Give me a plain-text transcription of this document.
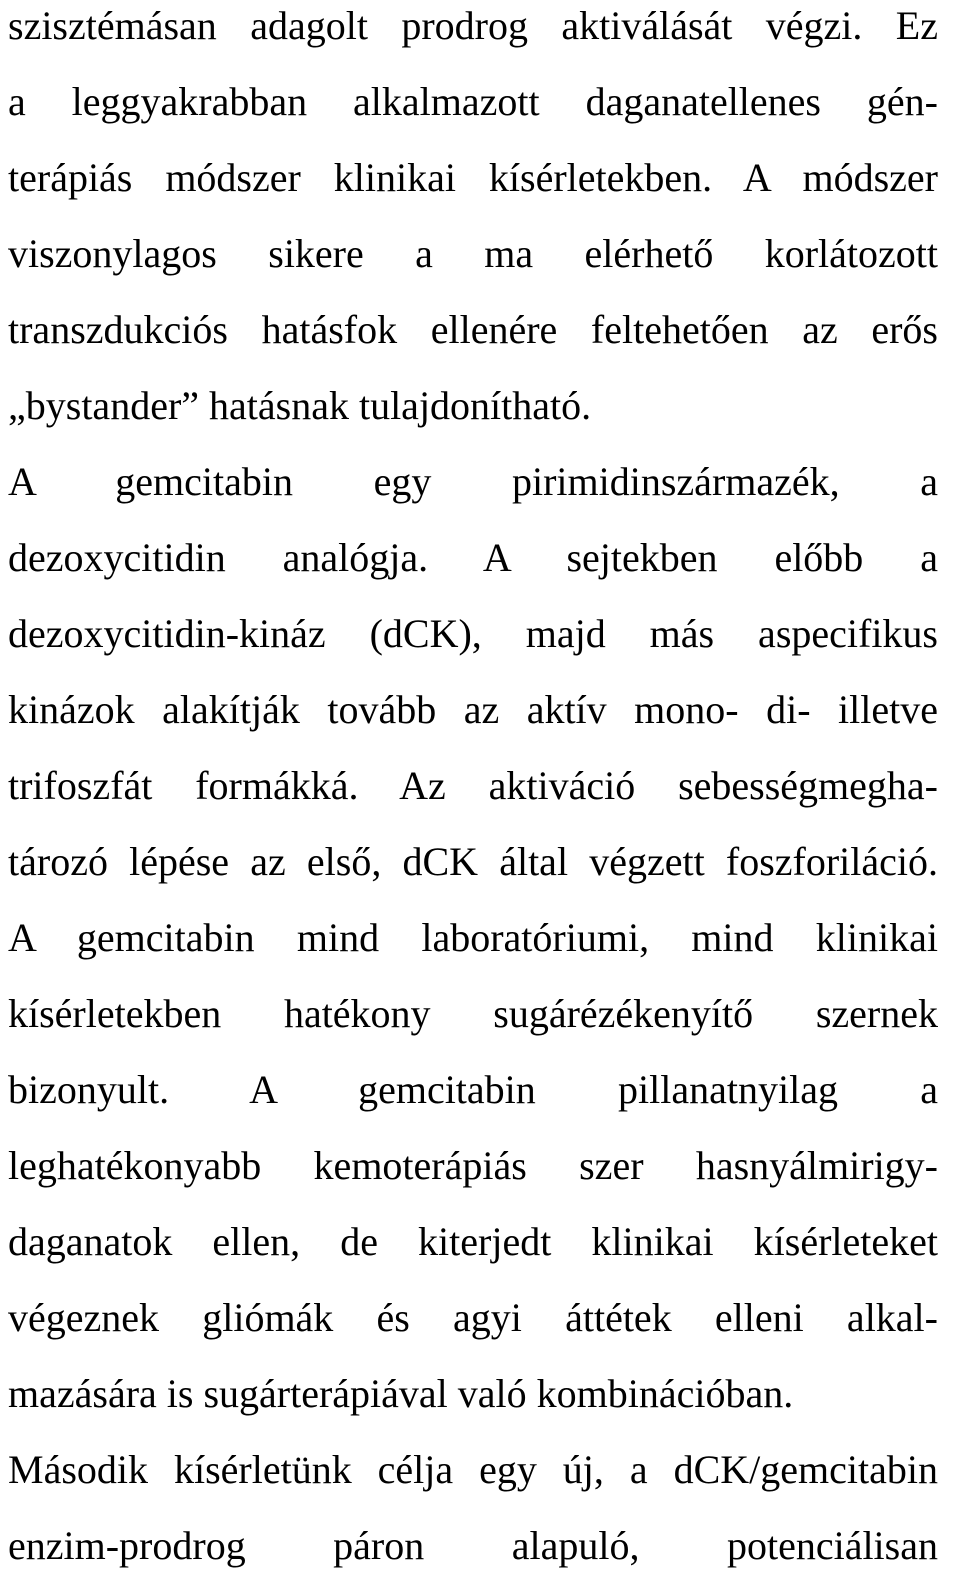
szisztémásan adagolt prodrog aktiválását végzi. Ez
a leggyakrabban alkalmazott daganatellenes gén-
terápiás módszer klinikai kísérletekben. A módszer
viszonylagos sikere a ma elérhető korlátozott
transzdukciós hatásfok ellenére feltehetően az erős
„bystander” hatásnak tulajdonítható.
A gemcitabin egy pirimidinszármazék, a
dezoxycitidin analógja. A sejtekben előbb a
dezoxycitidin-kináz (dCK), majd más aspecifikus
kinázok alakítják tovább az aktív mono- di- illetve
trifoszfát formákká. Az aktiváció sebességmegha-
tározó lépése az első, dCK által végzett foszforiláció.
A gemcitabin mind laboratóriumi, mind klinikai
kísérletekben hatékony sugárézékenyítő szernek
bizonyult. A gemcitabin pillanatnyilag a
leghatékonyabb kemoterápiás szer hasnyálmirigy-
daganatok ellen, de kiterjedt klinikai kísérleteket
végeznek gliómák és agyi áttétek elleni alkal-
mazására is sugárterápiával való kombinációban.
Második kísérletünk célja egy új, a dCK/gemcitabin
enzim-prodrog páron alapuló, potenciálisan
